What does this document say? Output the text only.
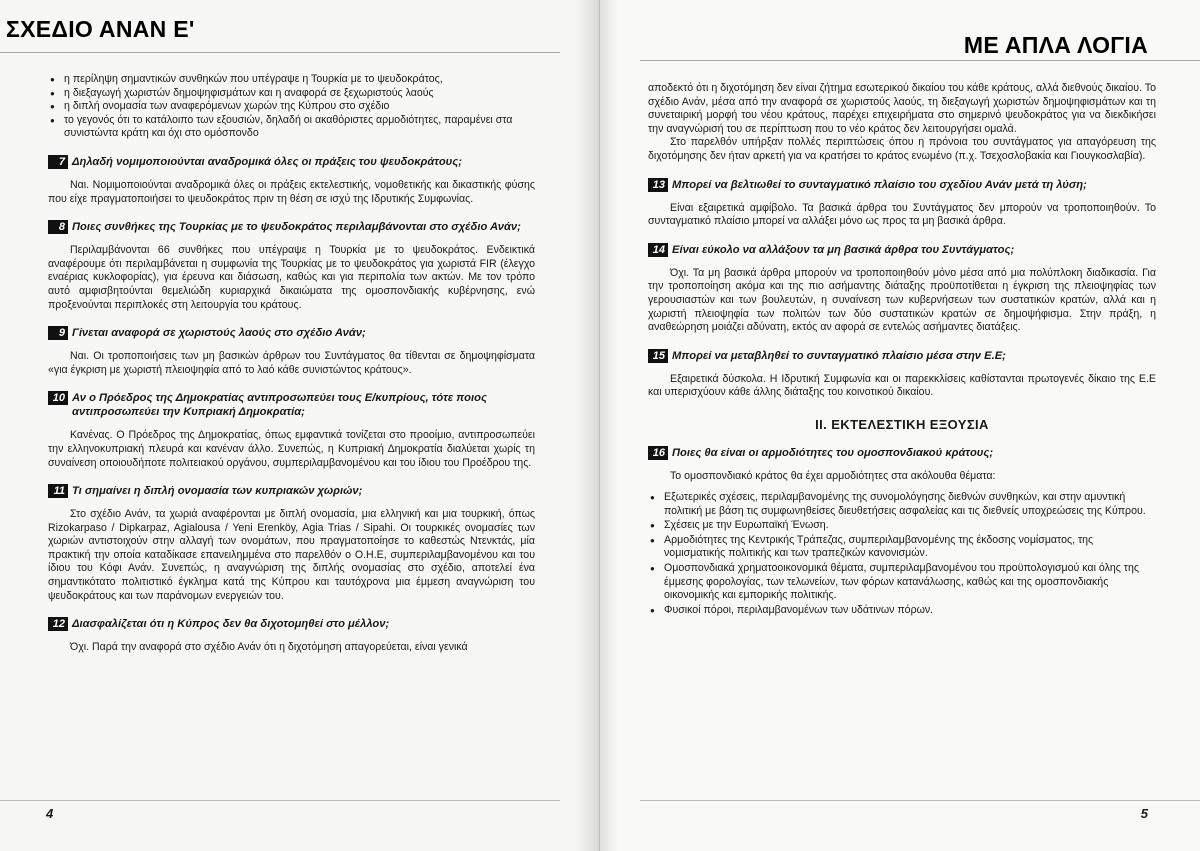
ΣΧΕΔΙΟ ΑΝΑΝ Ε'
● η περίληψη σημαντικών συνθηκών που υπέγραψε η Τουρκία με το ψευδοκράτος,
● η διεξαγωγή χωριστών δημοψηφισμάτων και η αναφορά σε ξεχωριστούς λαούς
● η διπλή ονομασία των αναφερόμενων χωρών της Κύπρου στο σχέδιο
● το γεγονός ότι το κατάλοιπο των εξουσιών, δηλαδή οι ακαθόριστες αρμοδιότητες, παραμένει στα συνιστώντα κράτη και όχι στο ομόσπονδο
7 Δηλαδή νομιμοποιούνται αναδρομικά όλες οι πράξεις του ψευδοκράτους;

Ναι. Νομιμοποιούνται αναδρομικά όλες οι πράξεις εκτελεστικής, νομοθετικής και δικαστικής φύσης που είχε πραγματοποιήσει το ψευδοκράτος πριν τη θέση σε ισχύ της Ιδρυτικής Συμφωνίας.

8 Ποιες συνθήκες της Τουρκίας με το ψευδοκράτος περιλαμβάνονται στο σχέδιο Ανάν;

Περιλαμβάνονται 66 συνθήκες που υπέγραψε η Τουρκία με το ψευδοκράτος. Ενδεικτικά αναφέρουμε ότι περιλαμβάνεται η συμφωνία της Τουρκίας με το ψευδοκράτος για χωριστά FIR (έλεγχο εναέριας κυκλοφορίας), για έρευνα και διάσωση, καθώς και για περιπολία των ακτών. Με τον τρόπο αυτό αμφισβητούνται θεμελιώδη κυριαρχικά δικαιώματα της ομοσπονδιακής κυβέρνησης, ενώ προξενούνται περιπλοκές στη λειτουργία του κράτους.

9 Γίνεται αναφορά σε χωριστούς λαούς στο σχέδιο Ανάν;

Ναι. Οι τροποποιήσεις των μη βασικών άρθρων του Συντάγματος θα τίθενται σε δημοψηφίσματα «για έγκριση με χωριστή πλειοψηφία από το λαό κάθε συνιστώντος κράτους».

10 Αν ο Πρόεδρος της Δημοκρατίας αντιπροσωπεύει τους Ε/κυπρίους, τότε ποιος αντιπροσωπεύει την Κυπριακή Δημοκρατία;

Κανένας. Ο Πρόεδρος της Δημοκρατίας, όπως εμφαντικά τονίζεται στο προοίμιο, αντιπροσωπεύει την ελληνοκυπριακή πλευρά και κανέναν άλλο. Συνεπώς, η Κυπριακή Δημοκρατία διαλύεται χωρίς τη συναίνεση οποιουδήποτε πολιτειακού οργάνου, συμπεριλαμβανομένου και του ίδιου του Προέδρου της.

11 Τι σημαίνει η διπλή ονομασία των κυπριακών χωριών;

Στο σχέδιο Ανάν, τα χωριά αναφέρονται με διπλή ονομασία, μια ελληνική και μια τουρκική, όπως Rizokarpaso / Dipkarpaz, Agialousa / Yeni Erenköy, Agia Trias / Sipahi. Οι τουρκικές ονομασίες των χωριών αντιστοιχούν στην αλλαγή των ονομάτων, που πραγματοποίησε το καθεστώς Ντενκτάς, μία πρακτική την οποία καταδίκασε επανειλημμένα στο παρελθόν ο Ο.Η.Ε, συμπεριλαμβανομένου και του ίδιου του Κόφι Ανάν. Συνεπώς, η αναγνώριση της διπλής ονομασίας στο σχέδιο, αποτελεί ένα σημαντικότατο πολιτιστικό έγκλημα κατά της Κύπρου και ταυτόχρονα μια έμμεση αναγνώριση του ψευδοκράτους και των παράνομων ενεργειών του.

12 Διασφαλίζεται ότι η Κύπρος δεν θα διχοτομηθεί στο μέλλον;

Όχι. Παρά την αναφορά στο σχέδιο Ανάν ότι η διχοτόμηση απαγορεύεται, είναι γενικά

4
ΜΕ ΑΠΛΑ ΛΟΓΙΑ

αποδεκτό ότι η διχοτόμηση δεν είναι ζήτημα εσωτερικού δικαίου του κάθε κράτους, αλλά διεθνούς δικαίου. Το σχέδιο Ανάν, μέσα από την αναφορά σε χωριστούς λαούς, τη διεξαγωγή χωριστών δημοψηφισμάτων και τη συνεταιρική μορφή του νέου κράτους, παρέχει επιχειρήματα στο σημερινό ψευδοκράτος για να διεκδικήσει την αναγνώρισή του σε περίπτωση που το νέο κράτος δεν λειτουργήσει ομαλά.

Στο παρελθόν υπήρξαν πολλές περιπτώσεις όπου η πρόνοια του συντάγματος για απαγόρευση της διχοτόμησης δεν ήταν αρκετή για να κρατήσει το κράτος ενωμένο (π.χ. Τσεχοσλοβακία και Γιουγκοσλαβία).

13 Μπορεί να βελτιωθεί το συνταγματικό πλαίσιο του σχεδίου Ανάν μετά τη λύση;

Είναι εξαιρετικά αμφίβολο. Τα βασικά άρθρα του Συντάγματος δεν μπορούν να τροποποιηθούν. Το συνταγματικό πλαίσιο μπορεί να αλλάξει μόνο ως προς τα μη βασικά άρθρα.

14 Είναι εύκολο να αλλάξουν τα μη βασικά άρθρα του Συντάγματος;

Όχι. Τα μη βασικά άρθρα μπορούν να τροποποιηθούν μόνο μέσα από μια πολύπλοκη διαδικασία. Για την τροποποίηση ακόμα και της πιο ασήμαντης διάταξης προϋποτίθεται η έγκριση της πλειοψηφίας των γερουσιαστών και των βουλευτών, η συναίνεση των κυβερνήσεων των συστατικών κρατών, αλλά και η χωριστή πλειοψηφία των πολιτών των δύο συστατικών κρατών σε δημοψήφισμα. Στην πράξη, η αναθεώρηση μοιάζει αδύνατη, εκτός αν αφορά σε εντελώς ασήμαντες διατάξεις.

15 Μπορεί να μεταβληθεί το συνταγματικό πλαίσιο μέσα στην Ε.Ε;

Εξαιρετικά δύσκολα. Η Ιδρυτική Συμφωνία και οι παρεκκλίσεις καθίστανται πρωτογενές δίκαιο της Ε.Ε και υπερισχύουν κάθε άλλης διάταξης του κοινοτικού δικαίου.

ΙΙ. ΕΚΤΕΛΕΣΤΙΚΗ ΕΞΟΥΣΙΑ
16 Ποιες θα είναι οι αρμοδιότητες του ομοσπονδιακού κράτους;

Το ομοσπονδιακό κράτος θα έχει αρμοδιότητες στα ακόλουθα θέματα:

● Εξωτερικές σχέσεις, περιλαμβανομένης της συνομολόγησης διεθνών συνθηκών, και στην αμυντική πολιτική με βάση τις συμφωνηθείσες διευθετήσεις ασφαλείας και τις διεθνείς υποχρεώσεις της Κύπρου.
● Σχέσεις με την Ευρωπαϊκή Ένωση.
● Αρμοδιότητες της Κεντρικής Τράπεζας, συμπεριλαμβανομένης της έκδοσης νομίσματος, της νομισματικής πολιτικής και των τραπεζικών κανονισμών.
● Ομοσπονδιακά χρηματοοικονομικά θέματα, συμπεριλαμβανομένου του προϋπολογισμού και όλης της έμμεσης φορολογίας, των τελωνείων, των φόρων κατανάλωσης, καθώς και της ομοσπονδιακής οικονομικής και εμπορικής πολιτικής.
● Φυσικοί πόροι, περιλαμβανομένων των υδάτινων πόρων.
5
